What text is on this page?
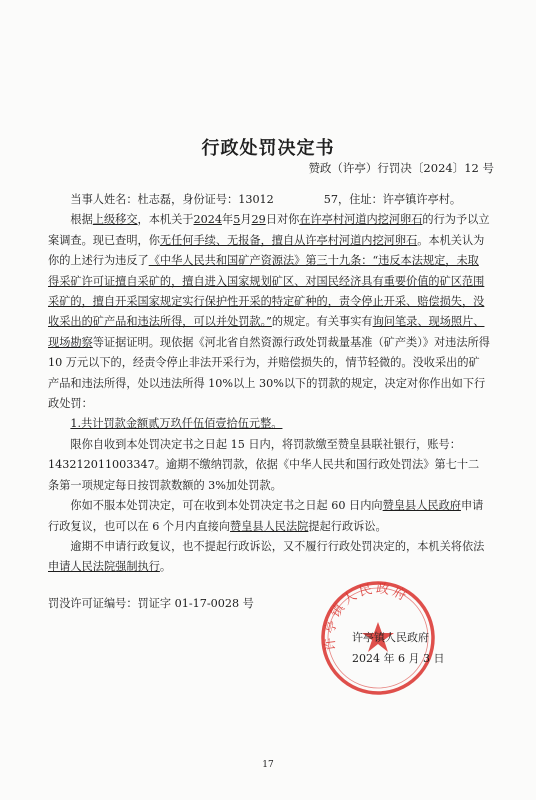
行政处罚决定书
赞政（许亭）行罚决〔2024〕12 号

当事人姓名：杜志磊，身份证号：13012	57，住址：许亭镇许亭村。

根据上级移交，本机关于2024年5月29日对你在许亭村河道内挖河卵石的行为予以立案调查。现已查明，你无任何手续、无报备，擅自从许亭村河道内挖河卵石。本机关认为你的上述行为违反了《中华人民共和国矿产资源法》第三十九条：“违反本法规定，未取得采矿许可证擅自采矿的，擅自进入国家规划矿区、对国民经济具有重要价值的矿区范围采矿的，擅自开采国家规定实行保护性开采的特定矿种的，责令停止开采、赔偿损失，没收采出的矿产品和违法所得，可以并处罚款。”的规定。有关事实有询问笔录、现场照片、现场勘察等证据证明。现依据《河北省自然资源行政处罚裁量基准（矿产类）》对违法所得 10 万元以下的，经责令停止非法开采行为，并赔偿损失的，情节轻微的。没收采出的矿产品和违法所得，处以违法所得 10%以上 30%以下的罚款的规定，决定对你作出如下行政处罚：

1.共计罚款金额贰万玖仟伍佰壹拾伍元整。

限你自收到本处罚决定书之日起 15 日内，将罚款缴至赞皇县联社银行，账号：143212011003347。逾期不缴纳罚款，依据《中华人民共和国行政处罚法》第七十二条第一项规定每日按罚款数额的 3%加处罚款。

你如不服本处罚决定，可在收到本处罚决定书之日起 60 日内向赞皇县人民政府申请行政复议，也可以在 6 个月内直接向赞皇县人民法院提起行政诉讼。

逾期不申请行政复议，也不提起行政诉讼，又不履行行政处罚决定的，本机关将依法申请人民法院强制执行。

罚没许可证编号：罚证字 01-17-0028 号
许亭镇人民政府
许亭镇人民政府
2024 年 6 月 3 日
17
